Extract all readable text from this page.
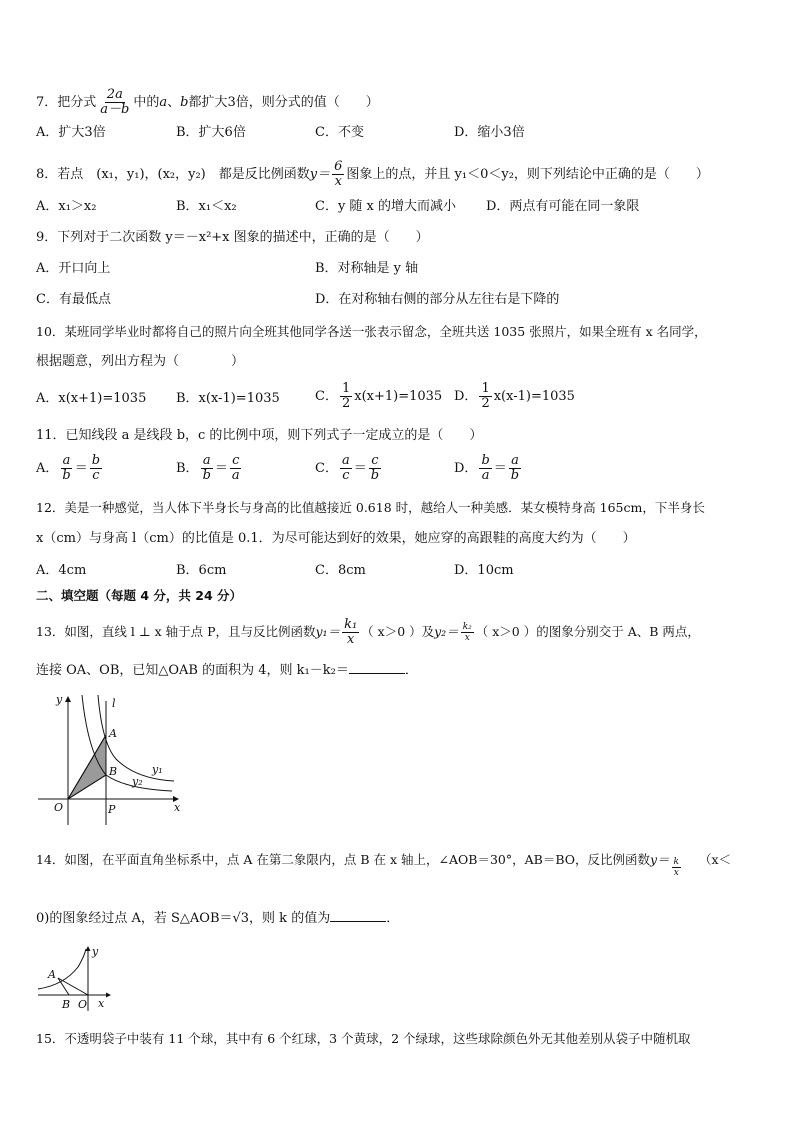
7．把分式 $\frac{2a}{a-b}$ 中的a、b都扩大3倍，则分式的值（　　）
A．扩大3倍	B．扩大6倍	C．不变	D．缩小3倍
8．若点　(x₁，y₁)，(x₂，y₂)　都是反比例函数$y= \frac{6}{x}$ 图象上的点，并且 y₁＜0＜y₂，则下列结论中正确的是（　　）
A．x₁＞x₂	B．x₁＜x₂	C．y 随 x 的增大而减小 D．两点有可能在同一象限
9．下列对于二次函数 y＝－x²+x 图象的描述中，正确的是（　　）
A．开口向上	B．对称轴是 y 轴
C．有最低点	D．在对称轴右侧的部分从左往右是下降的
10．某班同学毕业时都将自己的照片向全班其他同学各送一张表示留念，全班共送 1035 张照片，如果全班有 x 名同学，
根据题意，列出方程为（　　　　）
A．x(x+1)=1035 B．x(x-1)=1035	C． $\frac{1}{2} x(x+1)=1035$ D． $\frac{1}{2} x(x-1)=1035$
11．已知线段 a 是线段 b，c 的比例中项，则下列式子一定成立的是（　　）
A． $\frac{a}{b} = \frac{b}{c}$	B． $\frac{a}{b} = \frac{c}{a}$	C． $\frac{a}{c} = \frac{c}{b}$	D． $\frac{b}{a} = \frac{a}{b}$
12．美是一种感觉，当人体下半身长与身高的比值越接近 0.618 时，越给人一种美感．某女模特身高 165cm，下半身长
x（cm）与身高 l（cm）的比值是 0.1．为尽可能达到好的效果，她应穿的高跟鞋的高度大约为（　　）
A．4cm	B．6cm	C．8cm	D．10cm
二、填空题（每题 4 分，共 24 分）
13．如图，直线 l ⊥ x 轴于点 P，且与反比例函数$y_1= \frac{\text{k₁}}{x}$ （ x＞0 ）及$y_2= \frac{\text{k₂}}{x}$ （ x＞0 ）的图象分别交于 A、B 两点，
连接 OA、OB，已知△OAB 的面积为 4，则 k₁－k₂＝	．
y	l
A
B	y₁
y₂
O	P	x
14．如图，在平面直角坐标系中，点 A 在第二象限内，点 B 在 x 轴上，∠AOB＝30°，AB＝BO，反比例函数$y= \frac{k}{x} (x<$
0)的图象经过点 A，若 S△AOB＝√3，则 k 的值为	．
y
A
B O x
15．不透明袋子中装有 11 个球，其中有 6 个红球，3 个黄球，2 个绿球，这些球除颜色外无其他差别从袋子中随机取
